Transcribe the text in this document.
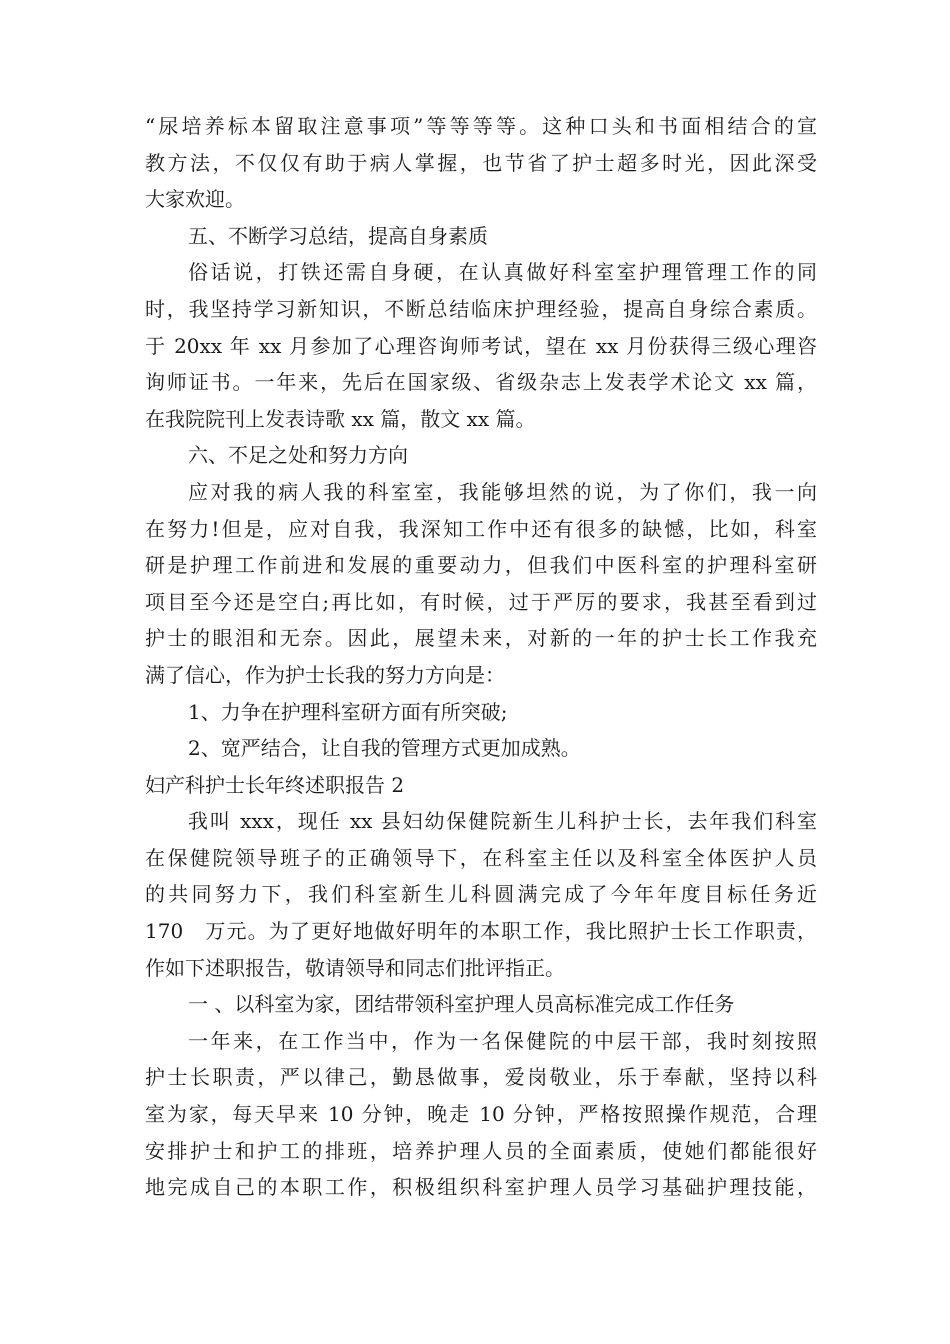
“尿培养标本留取注意事项”等等等等。这种口头和书面相结合的宣
教方法，不仅仅有助于病人掌握，也节省了护士超多时光，因此深受
大家欢迎。
五、不断学习总结，提高自身素质
俗话说，打铁还需自身硬，在认真做好科室室护理管理工作的同
时，我坚持学习新知识，不断总结临床护理经验，提高自身综合素质。
于 20xx 年 xx 月参加了心理咨询师考试，望在 xx 月份获得三级心理咨
询师证书。一年来，先后在国家级、省级杂志上发表学术论文 xx 篇，
在我院院刊上发表诗歌 xx 篇，散文 xx 篇。
六、不足之处和努力方向
应对我的病人我的科室室，我能够坦然的说，为了你们，我一向
在努力!但是，应对自我，我深知工作中还有很多的缺憾，比如，科室
研是护理工作前进和发展的重要动力，但我们中医科室的护理科室研
项目至今还是空白;再比如，有时候，过于严厉的要求，我甚至看到过
护士的眼泪和无奈。因此，展望未来，对新的一年的护士长工作我充
满了信心，作为护士长我的努力方向是：
1、力争在护理科室研方面有所突破;
2、宽严结合，让自我的管理方式更加成熟。
妇产科护士长年终述职报告 2
我叫 xxx，现任 xx 县妇幼保健院新生儿科护士长，去年我们科室
在保健院领导班子的正确领导下，在科室主任以及科室全体医护人员
的共同努力下，我们科室新生儿科圆满完成了今年年度目标任务近
170　万元。为了更好地做好明年的本职工作，我比照护士长工作职责，
作如下述职报告，敬请领导和同志们批评指正。
一 、以科室为家，团结带领科室护理人员高标准完成工作任务
一年来，在工作当中，作为一名保健院的中层干部，我时刻按照
护士长职责，严以律己，勤恳做事，爱岗敬业，乐于奉献，坚持以科
室为家，每天早来 10 分钟，晚走 10 分钟，严格按照操作规范，合理
安排护士和护工的排班，培养护理人员的全面素质，使她们都能很好
地完成自己的本职工作，积极组织科室护理人员学习基础护理技能，
